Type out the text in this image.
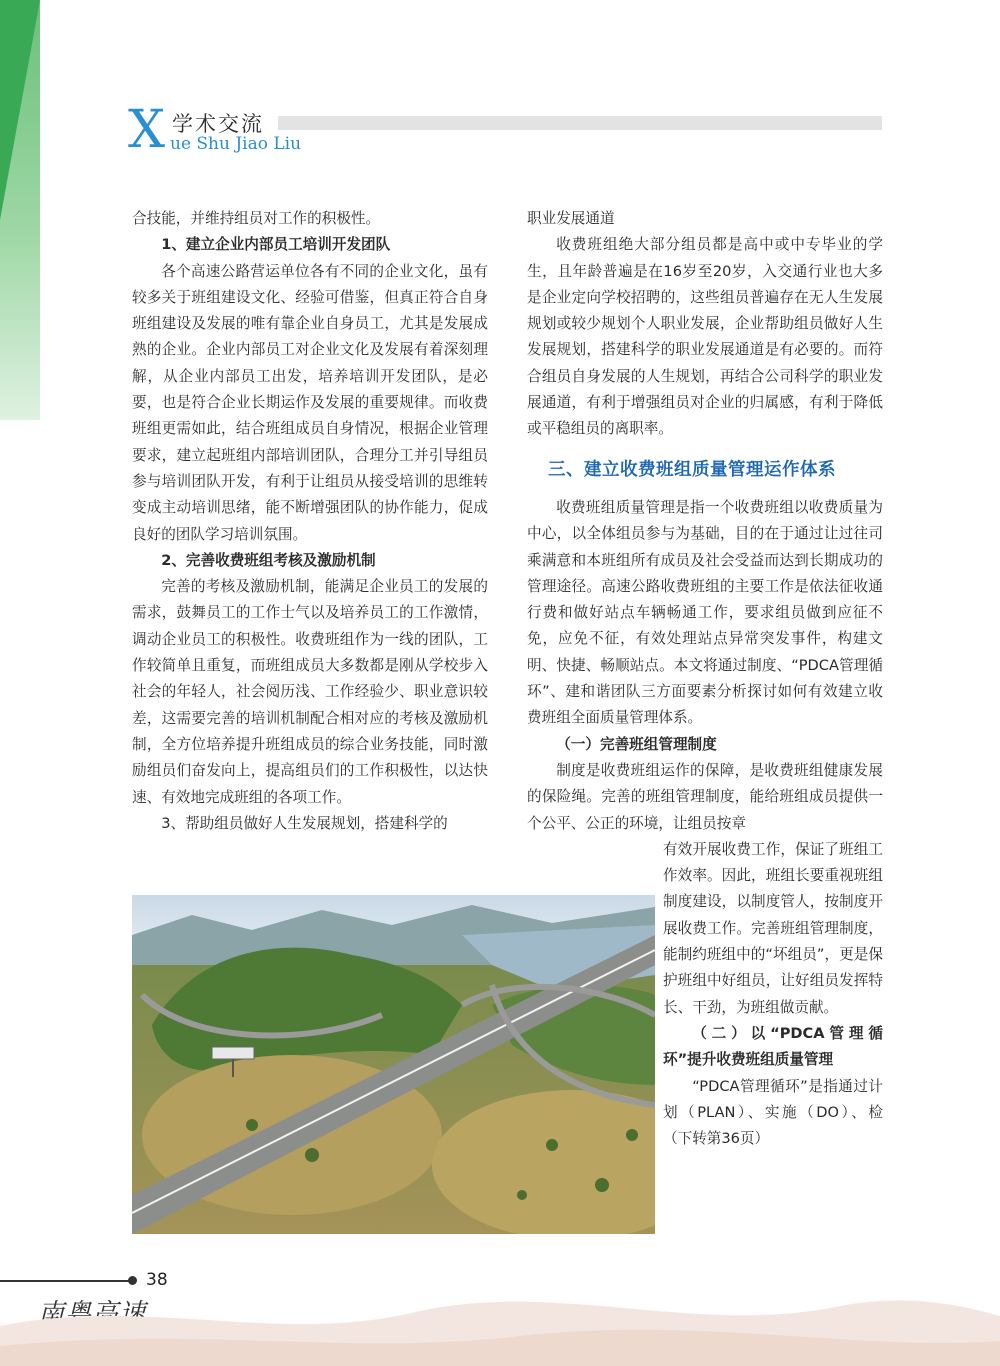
X 学术交流
ue Shu Jiao Liu

合技能，并维持组员对工作的积极性。

1、建立企业内部员工培训开发团队

各个高速公路营运单位各有不同的企业文化，虽有较多关于班组建设文化、经验可借鉴，但真正符合自身班组建设及发展的唯有靠企业自身员工，尤其是发展成熟的企业。企业内部员工对企业文化及发展有着深刻理解，从企业内部员工出发，培养培训开发团队，是必要，也是符合企业长期运作及发展的重要规律。而收费班组更需如此，结合班组成员自身情况，根据企业管理要求，建立起班组内部培训团队，合理分工并引导组员参与培训团队开发，有利于让组员从接受培训的思维转变成主动培训思绪，能不断增强团队的协作能力，促成良好的团队学习培训氛围。

2、完善收费班组考核及激励机制

完善的考核及激励机制，能满足企业员工的发展的需求，鼓舞员工的工作士气以及培养员工的工作激情，调动企业员工的积极性。收费班组作为一线的团队，工作较简单且重复，而班组成员大多数都是刚从学校步入社会的年轻人，社会阅历浅、工作经验少、职业意识较差，这需要完善的培训机制配合相对应的考核及激励机制，全方位培养提升班组成员的综合业务技能，同时激励组员们奋发向上，提高组员们的工作积极性，以达快速、有效地完成班组的各项工作。

3、帮助组员做好人生发展规划，搭建科学的

职业发展通道

收费班组绝大部分组员都是高中或中专毕业的学生，且年龄普遍是在16岁至20岁，入交通行业也大多是企业定向学校招聘的，这些组员普遍存在无人生发展规划或较少规划个人职业发展，企业帮助组员做好人生发展规划，搭建科学的职业发展通道是有必要的。而符合组员自身发展的人生规划，再结合公司科学的职业发展通道，有利于增强组员对企业的归属感，有利于降低或平稳组员的离职率。

三、建立收费班组质量管理运作体系

收费班组质量管理是指一个收费班组以收费质量为中心，以全体组员参与为基础，目的在于通过让过往司乘满意和本班组所有成员及社会受益而达到长期成功的管理途径。高速公路收费班组的主要工作是依法征收通行费和做好站点车辆畅通工作，要求组员做到应征不免，应免不征，有效处理站点异常突发事件，构建文明、快捷、畅顺站点。本文将通过制度、“PDCA管理循环”、建和谐团队三方面要素分析探讨如何有效建立收费班组全面质量管理体系。

（一）完善班组管理制度

制度是收费班组运作的保障，是收费班组健康发展的保险绳。完善的班组管理制度，能给班组成员提供一个公平、公正的环境，让组员按章

有效开展收费工作，保证了班组工作效率。因此，班组长要重视班组制度建设，以制度管人，按制度开展收费工作。完善班组管理制度，能制约班组中的“坏组员”，更是保护班组中好组员，让好组员发挥特长、干劲，为班组做贡献。

（二）以“PDCA管理循环”提升收费班组质量管理

“PDCA管理循环”是指通过计划（PLAN）、实施（DO）、检（下转第36页）

38
南粤高速
